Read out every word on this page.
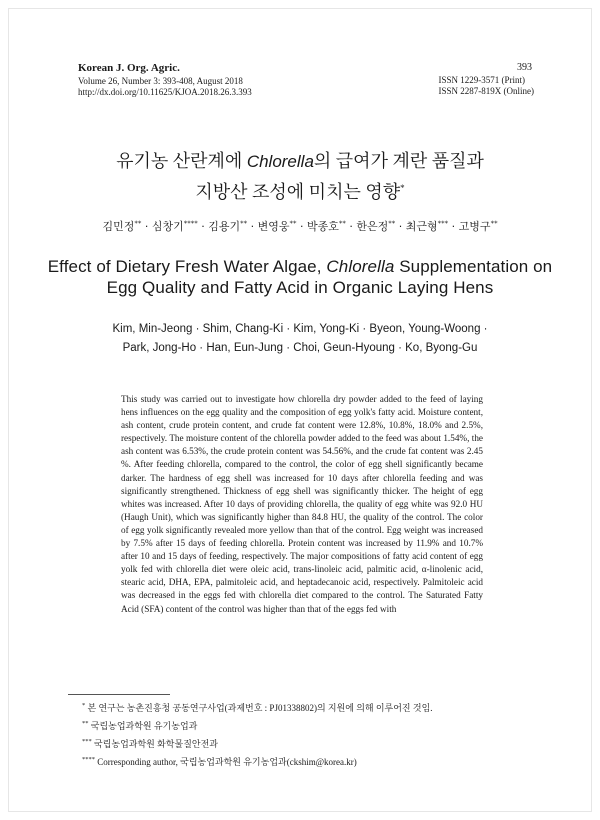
Korean J. Org. Agric.
Volume 26, Number 3: 393-408, August 2018
http://dx.doi.org/10.11625/KJOA.2018.26.3.393
393
ISSN 1229-3571 (Print)
ISSN 2287-819X (Online)
유기농 산란계에 Chlorella의 급여가 계란 품질과
지방산 조성에 미치는 영향*
김민정** · 심창기**** · 김용기** · 변영웅** · 박종호** · 한은정** · 최근형*** · 고병구**
Effect of Dietary Fresh Water Algae, Chlorella Supplementation on
Egg Quality and Fatty Acid in Organic Laying Hens
Kim, Min-Jeong · Shim, Chang-Ki · Kim, Yong-Ki · Byeon, Young-Woong ·
Park, Jong-Ho · Han, Eun-Jung · Choi, Geun-Hyoung · Ko, Byong-Gu

This study was carried out to investigate how chlorella dry powder added to the feed of laying hens influences on the egg quality and the composition of egg yolk's fatty acid. Moisture content, ash content, crude protein content, and crude fat content were 12.8%, 10.8%, 18.0% and 2.5%, respectively. The moisture content of the chlorella powder added to the feed was about 1.54%, the ash content was 6.53%, the crude protein content was 54.56%, and the crude fat content was 2.45 %. After feeding chlorella, compared to the control, the color of egg shell significantly became darker. The hardness of egg shell was increased for 10 days after chlorella feeding and was significantly strengthened. Thickness of egg shell was significantly thicker. The height of egg whites was increased. After 10 days of providing chlorella, the quality of egg white was 92.0 HU (Haugh Unit), which was significantly higher than 84.8 HU, the quality of the control. The color of egg yolk significantly revealed more yellow than that of the control. Egg weight was increased by 7.5% after 15 days of feeding chlorella. Protein content was increased by 11.9% and 10.7% after 10 and 15 days of feeding, respectively. The major compositions of fatty acid content of egg yolk fed with chlorella diet were oleic acid, trans-linoleic acid, palmitic acid, α-linolenic acid, stearic acid, DHA, EPA, palmitoleic acid, and heptadecanoic acid, respectively. Palmitoleic acid was decreased in the eggs fed with chlorella diet compared to the control. The Saturated Fatty Acid (SFA) content of the control was higher than that of the eggs fed with

* 본 연구는 농촌진흥청 공동연구사업(과제번호 : PJ01338802)의 지원에 의해 이루어진 것임.
** 국립농업과학원 유기농업과
*** 국립농업과학원 화학물질안전과
**** Corresponding author, 국립농업과학원 유기농업과(ckshim@korea.kr)
